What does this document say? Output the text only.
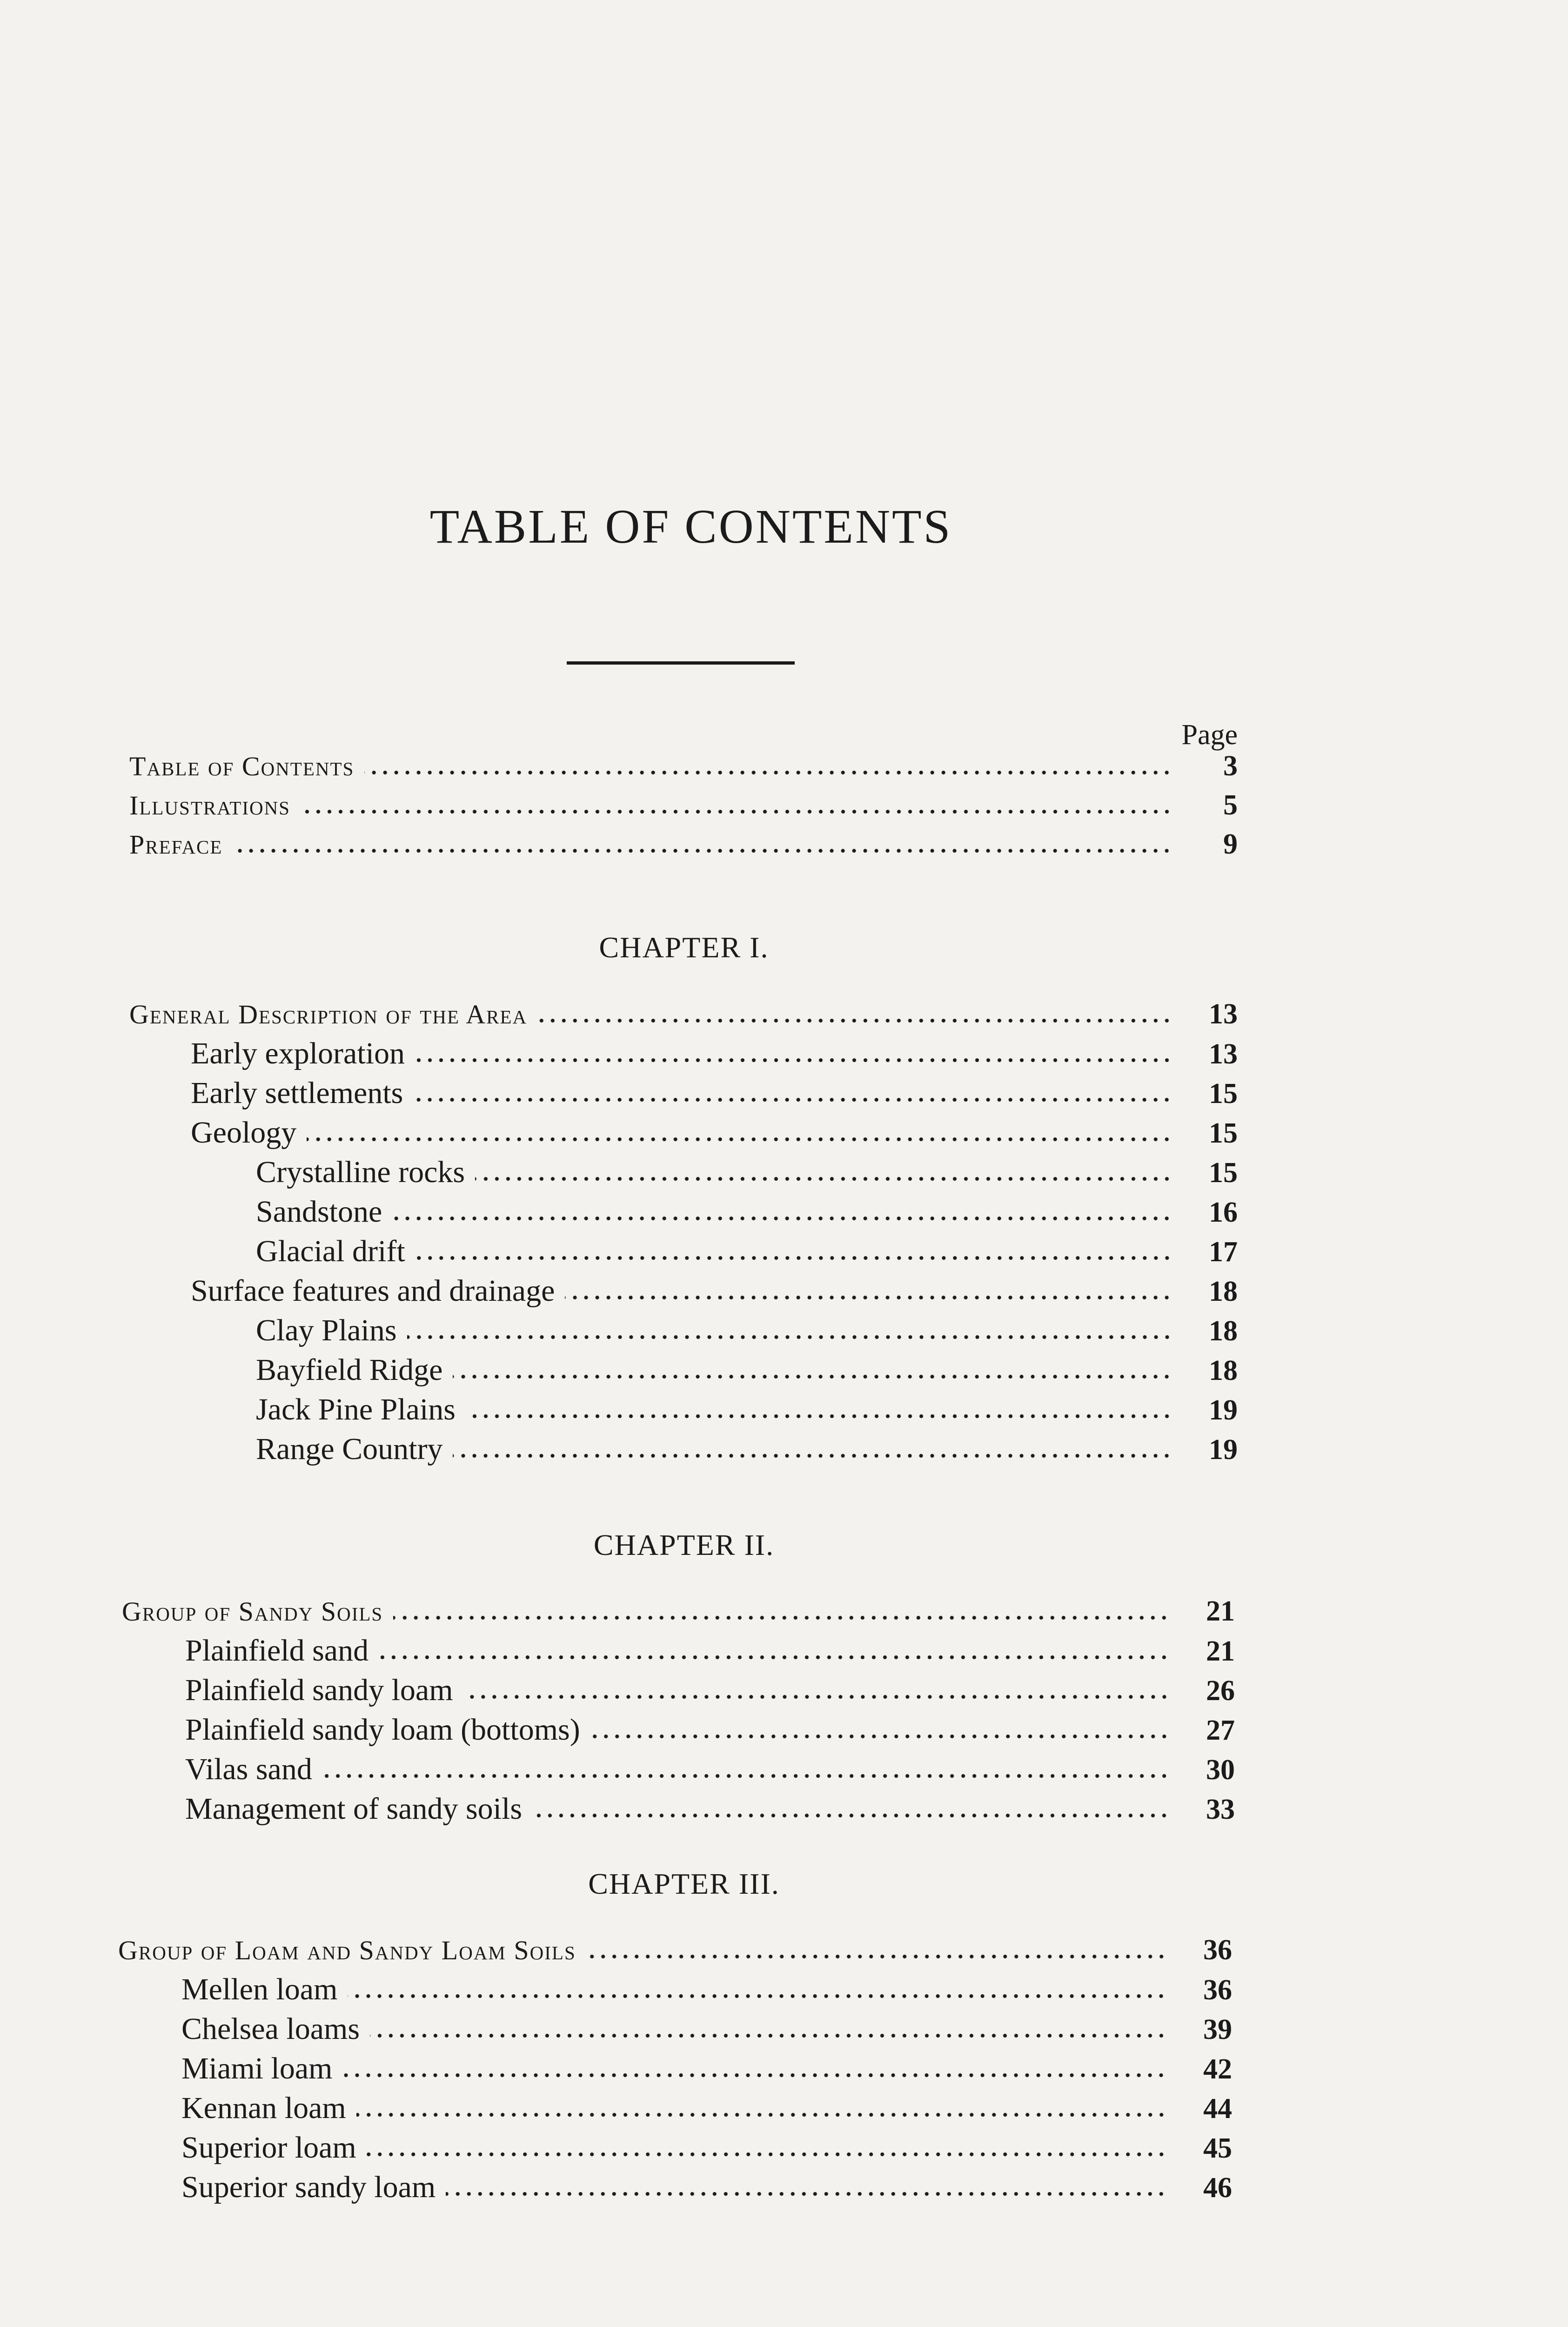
TABLE OF CONTENTS
Page
Table of Contents	3
Illustrations	5
Preface	9
CHAPTER I.
General Description of the Area	13
Early exploration	13
Early settlements	15
Geology	15
Crystalline rocks	15
Sandstone	16
Glacial drift	17
Surface features and drainage	18
Clay Plains	18
Bayfield Ridge	18
Jack Pine Plains	19
Range Country	19
CHAPTER II.
Group of Sandy Soils	21
Plainfield sand	21
Plainfield sandy loam	26
Plainfield sandy loam (bottoms)	27
Vilas sand	30
Management of sandy soils	33
CHAPTER III.
Group of Loam and Sandy Loam Soils	36
Mellen loam	36
Chelsea loams	39
Miami loam	42
Kennan loam	44
Superior loam	45
Superior sandy loam	46
